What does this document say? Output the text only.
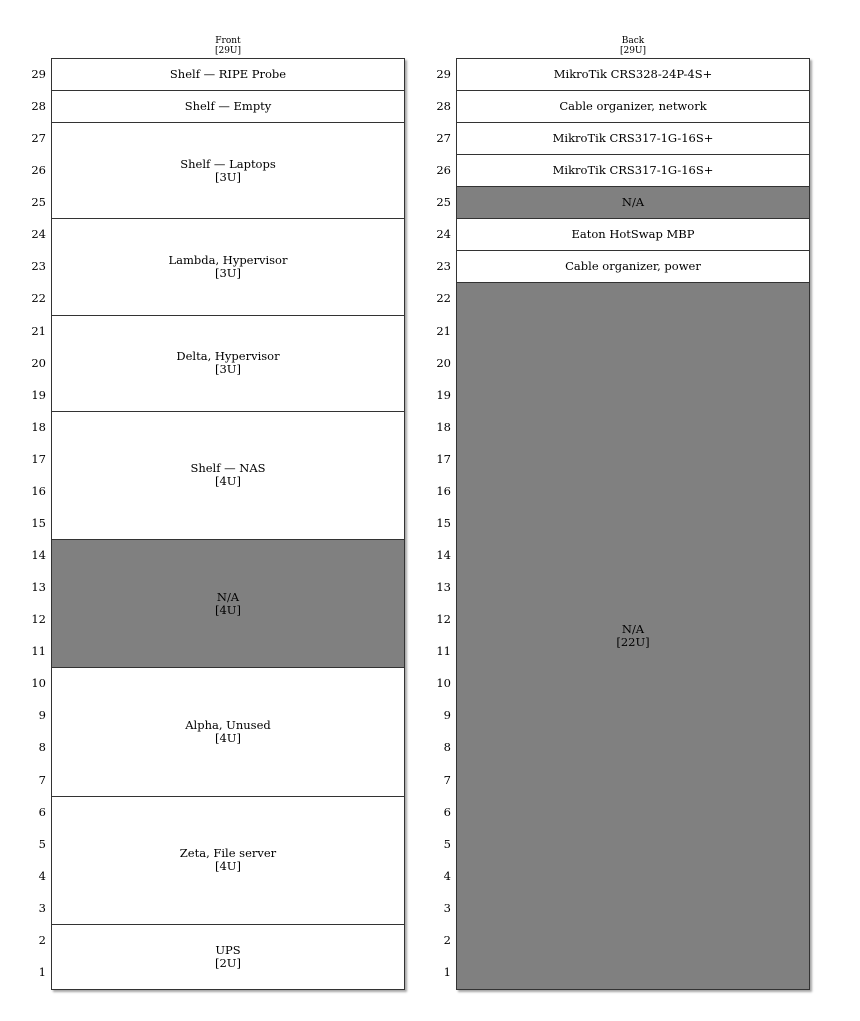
Front
[29U]
29
28
27
26
25
24
23
22
21
20
19
18
17
16
15
14
13
12
11
10
9
8
7
6
5
4
3
2
1
Shelf — RIPE Probe
Shelf — Empty
Shelf — Laptops
[3U]
Lambda, Hypervisor
[3U]
Delta, Hypervisor
[3U]
Shelf — NAS
[4U]
N/A
[4U]
Alpha, Unused
[4U]
Zeta, File server
[4U]
UPS
[2U]
Back
[29U]
29
28
27
26
25
24
23
22
21
20
19
18
17
16
15
14
13
12
11
10
9
8
7
6
5
4
3
2
1
MikroTik CRS328-24P-4S+
Cable organizer, network
MikroTik CRS317-1G-16S+
MikroTik CRS317-1G-16S+
N/A
Eaton HotSwap MBP
Cable organizer, power
N/A
[22U]
